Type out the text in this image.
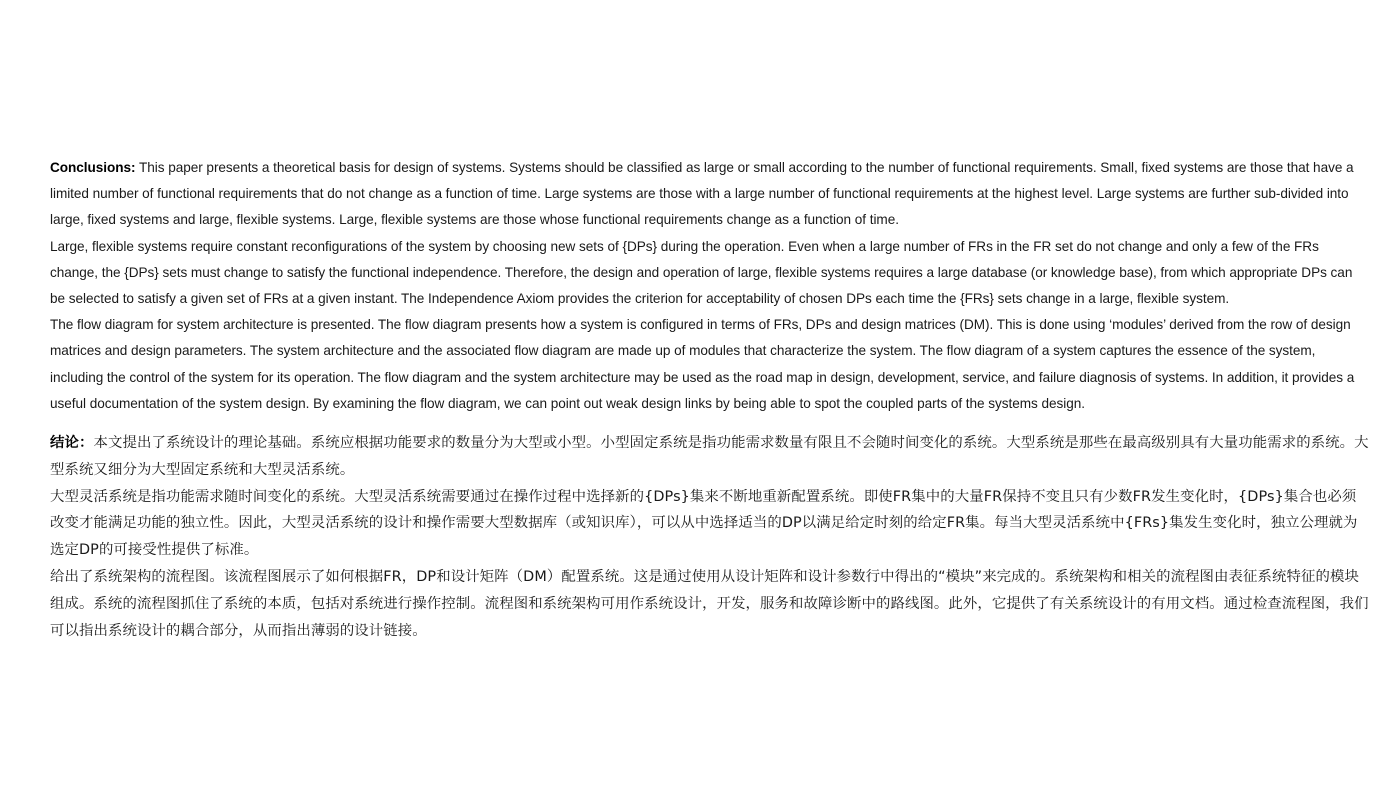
Conclusions: This paper presents a theoretical basis for design of systems. Systems should be classified as large or small according to the number of functional requirements. Small, fixed systems are those that have a limited number of functional requirements that do not change as a function of time. Large systems are those with a large number of functional requirements at the highest level. Large systems are further sub-divided into large, fixed systems and large, flexible systems. Large, flexible systems are those whose functional requirements change as a function of time.

Large, flexible systems require constant reconfigurations of the system by choosing new sets of {DPs} during the operation. Even when a large number of FRs in the FR set do not change and only a few of the FRs change, the {DPs} sets must change to satisfy the functional independence. Therefore, the design and operation of large, flexible systems requires a large database (or knowledge base), from which appropriate DPs can be selected to satisfy a given set of FRs at a given instant. The Independence Axiom provides the criterion for acceptability of chosen DPs each time the {FRs} sets change in a large, flexible system.

The flow diagram for system architecture is presented. The flow diagram presents how a system is configured in terms of FRs, DPs and design matrices (DM). This is done using ‘modules’ derived from the row of design matrices and design parameters. The system architecture and the associated flow diagram are made up of modules that characterize the system. The flow diagram of a system captures the essence of the system, including the control of the system for its operation. The flow diagram and the system architecture may be used as the road map in design, development, service, and failure diagnosis of systems. In addition, it provides a useful documentation of the system design. By examining the flow diagram, we can point out weak design links by being able to spot the coupled parts of the systems design.

结论：本文提出了系统设计的理论基础。系统应根据功能要求的数量分为大型或小型。小型固定系统是指功能需求数量有限且不会随时间变化的系统。大型系统是那些在最高级别具有大量功能需求的系统。大型系统又细分为大型固定系统和大型灵活系统。

大型灵活系统是指功能需求随时间变化的系统。大型灵活系统需要通过在操作过程中选择新的{DPs}集来不断地重新配置系统。即使FR集中的大量FR保持不变且只有少数FR发生变化时，{DPs}集合也必须改变才能满足功能的独立性。因此，大型灵活系统的设计和操作需要大型数据库（或知识库），可以从中选择适当的DP以满足给定时刻的给定FR集。每当大型灵活系统中{FRs}集发生变化时，独立公理就为选定DP的可接受性提供了标准。

给出了系统架构的流程图。该流程图展示了如何根据FR，DP和设计矩阵（DM）配置系统。这是通过使用从设计矩阵和设计参数行中得出的“模块”来完成的。系统架构和相关的流程图由表征系统特征的模块组成。系统的流程图抓住了系统的本质，包括对系统进行操作控制。流程图和系统架构可用作系统设计，开发，服务和故障诊断中的路线图。此外，它提供了有关系统设计的有用文档。通过检查流程图，我们可以指出系统设计的耦合部分，从而指出薄弱的设计链接。
